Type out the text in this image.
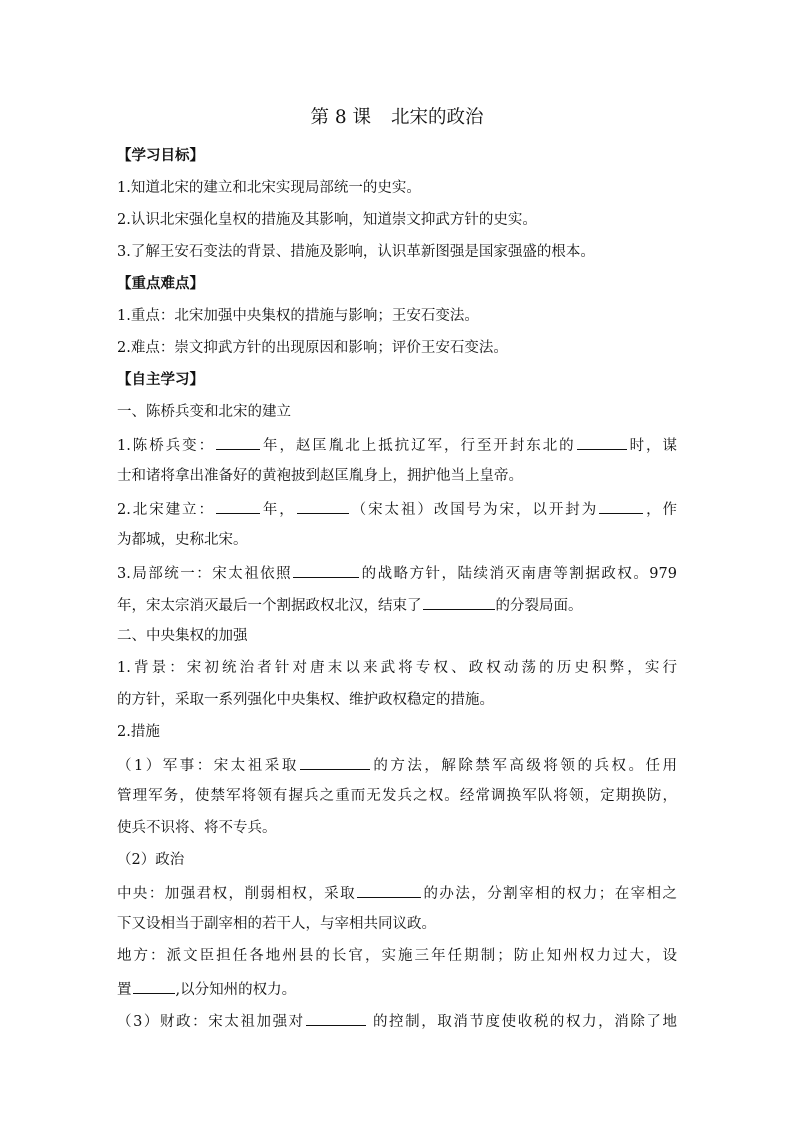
第 8 课 北宋的政治
【学习目标】
1.知道北宋的建立和北宋实现局部统一的史实。
2.认识北宋强化皇权的措施及其影响，知道崇文抑武方针的史实。
3.了解王安石变法的背景、措施及影响，认识革新图强是国家强盛的根本。
【重点难点】
1.重点：北宋加强中央集权的措施与影响；王安石变法。
2.难点：崇文抑武方针的出现原因和影响；评价王安石变法。
【自主学习】
一、陈桥兵变和北宋的建立
1.陈桥兵变：	年，赵匡胤北上抵抗辽军，行至开封东北的	时，谋
士和诸将拿出准备好的黄袍披到赵匡胤身上，拥护他当上皇帝。
2.北宋建立：	年，	（宋太祖）改国号为宋，以开封为	，作
为都城，史称北宋。
3.局部统一：宋太祖依照	的战略方针，陆续消灭南唐等割据政权。979
年，宋太宗消灭最后一个割据政权北汉，结束了	的分裂局面。
二、中央集权的加强
1.背景：宋初统治者针对唐末以来武将专权、政权动荡的历史积弊，实行
的方针，采取一系列强化中央集权、维护政权稳定的措施。
2.措施
（1）军事：宋太祖采取	的方法，解除禁军高级将领的兵权。任用
管理军务，使禁军将领有握兵之重而无发兵之权。经常调换军队将领，定期换防，
使兵不识将、将不专兵。
（2）政治
中央：加强君权，削弱相权，采取	的办法，分割宰相的权力；在宰相之
下又设相当于副宰相的若干人，与宰相共同议政。
地方：派文臣担任各地州县的长官，实施三年任期制；防止知州权力过大，设
置	,以分知州的权力。
（3）财政：宋太祖加强对	的控制，取消节度使收税的权力，消除了地
